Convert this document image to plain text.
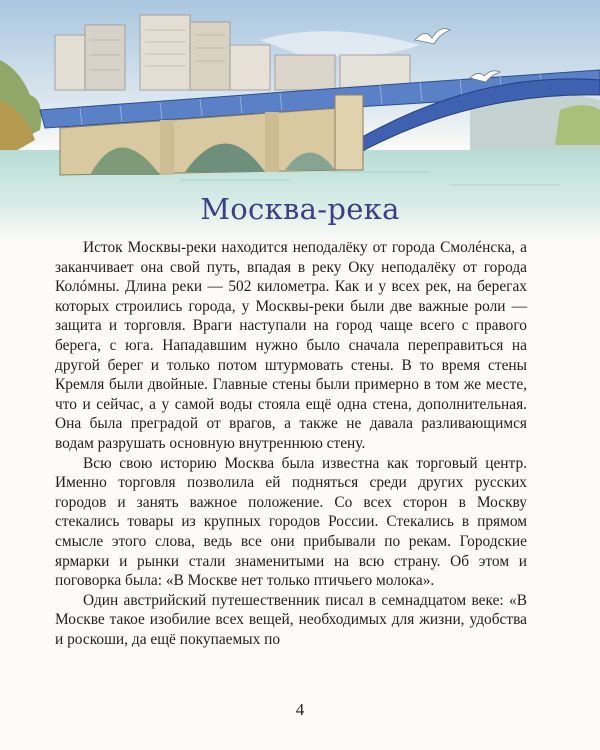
Москва-река

Исток Москвы-реки находится неподалёку от города Смолéнска, а заканчивает она свой путь, впадая в реку Оку неподалёку от города Колóмны. Длина реки — 502 километра. Как и у всех рек, на берегах которых строились города, у Москвы-реки были две важные роли — защита и торговля. Враги наступали на город чаще всего с правого берега, с юга. Нападавшим нужно было сначала переправиться на другой берег и только потом штурмовать стены. В то время стены Кремля были двойные. Главные стены были примерно в том же месте, что и сейчас, а у самой воды стояла ещё одна стена, дополнительная. Она была преградой от врагов, а также не давала разливающимся водам разрушать основную внутреннюю стену.

Всю свою историю Москва была известна как торговый центр. Именно торговля позволила ей подняться среди других русских городов и занять важное положение. Со всех сторон в Москву стекались товары из крупных городов России. Стекались в прямом смысле этого слова, ведь все они прибывали по рекам. Городские ярмарки и рынки стали знаменитыми на всю страну. Об этом и поговорка была: «В Москве нет только птичьего молока».

Один австрийский путешественник писал в семнадцатом веке: «В Москве такое изобилие всех вещей, необходимых для жизни, удобства и роскоши, да ещё покупаемых по

4
